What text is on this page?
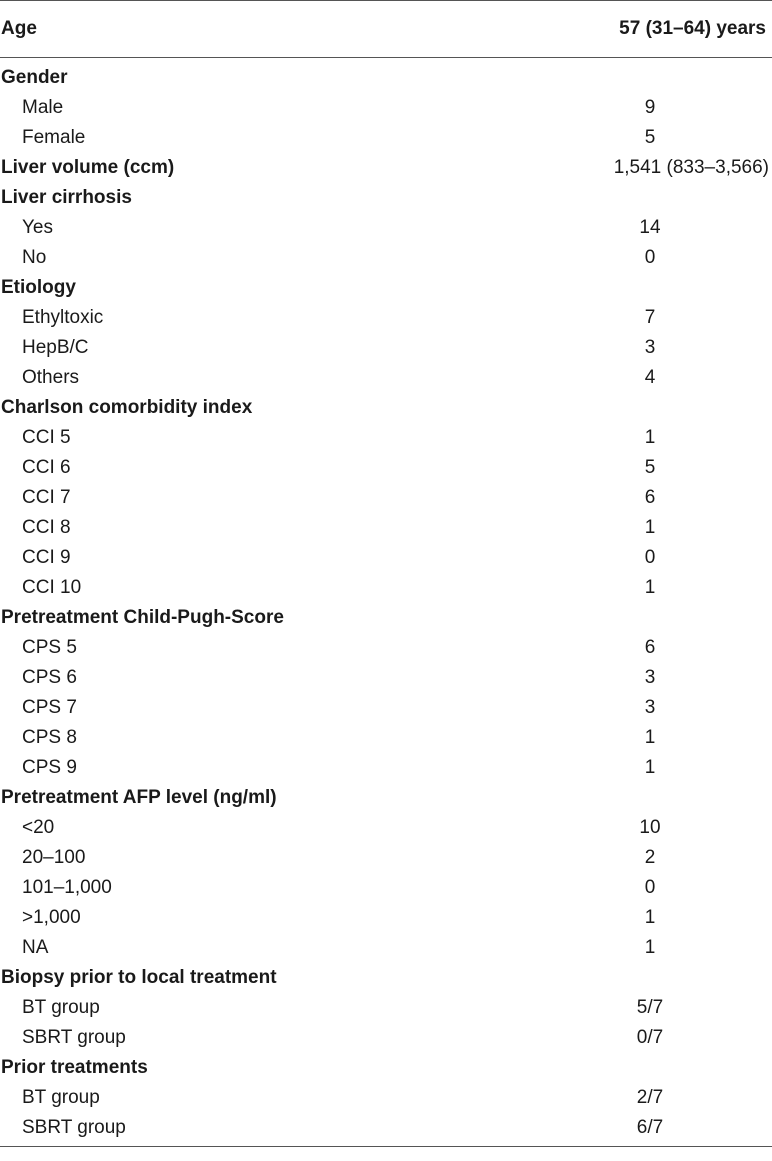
Age	57 (31–64) years
Gender
Male	9
Female	5
Liver volume (ccm)	1,541 (833–3,566)
Liver cirrhosis
Yes	14
No	0
Etiology
Ethyltoxic	7
HepB/C	3
Others	4
Charlson comorbidity index
CCI 5	1
CCI 6	5
CCI 7	6
CCI 8	1
CCI 9	0
CCI 10	1
Pretreatment Child-Pugh-Score
CPS 5	6
CPS 6	3
CPS 7	3
CPS 8	1
CPS 9	1
Pretreatment AFP level (ng/ml)
<20	10
20–100	2
101–1,000	0
>1,000	1
NA	1
Biopsy prior to local treatment
BT group	5/7
SBRT group	0/7
Prior treatments
BT group	2/7
SBRT group	6/7
